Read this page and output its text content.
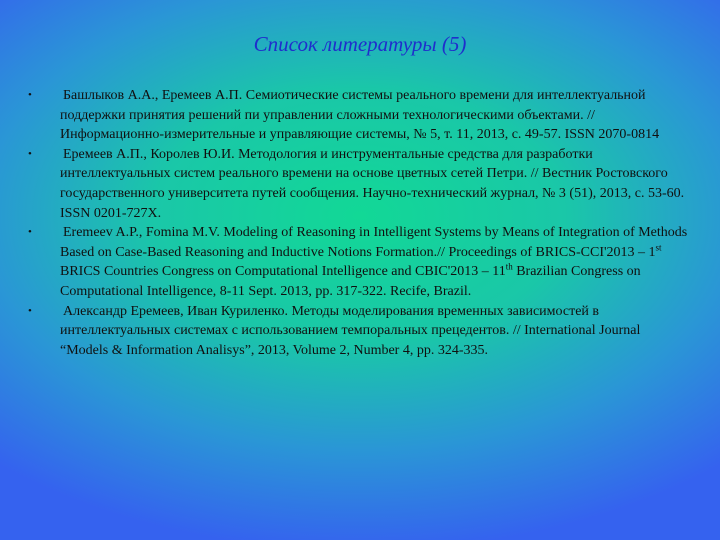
Список литературы (5)
• Башлыков А.А., Еремеев А.П. Семиотические системы реального времени для интеллектуальной поддержки принятия решений пи управлении сложными технологическими объектами. // Информационно-измерительные и управляющие системы, № 5, т. 11, 2013, с. 49-57. ISSN 2070-0814
• Еремеев А.П., Королев Ю.И. Методология и инструментальные средства для разработки интеллектуальных систем реального времени на основе цветных сетей Петри. // Вестник Ростовского государственного университета путей сообщения. Научно-технический журнал, № 3 (51), 2013, с. 53-60. ISSN 0201-727X.
• Eremeev A.P., Fomina M.V. Modeling of Reasoning in Intelligent Systems by Means of Integration of Methods Based on Case-Based Reasoning and Inductive Notions Formation.// Proceedings of BRICS-CCI'2013 – 1st BRICS Countries Congress on Computational Intelligence and CBIC'2013 – 11th Brazilian Congress on Computational Intelligence, 8-11 Sept. 2013, pp. 317-322. Recife, Brazil.
• Александр Еремеев, Иван Куриленко. Методы моделирования временных зависимостей в интеллектуальных системах с использованием темпоральных прецедентов. // International Journal “Models & Information Analisys”, 2013, Volume 2, Number 4, pp. 324-335.
